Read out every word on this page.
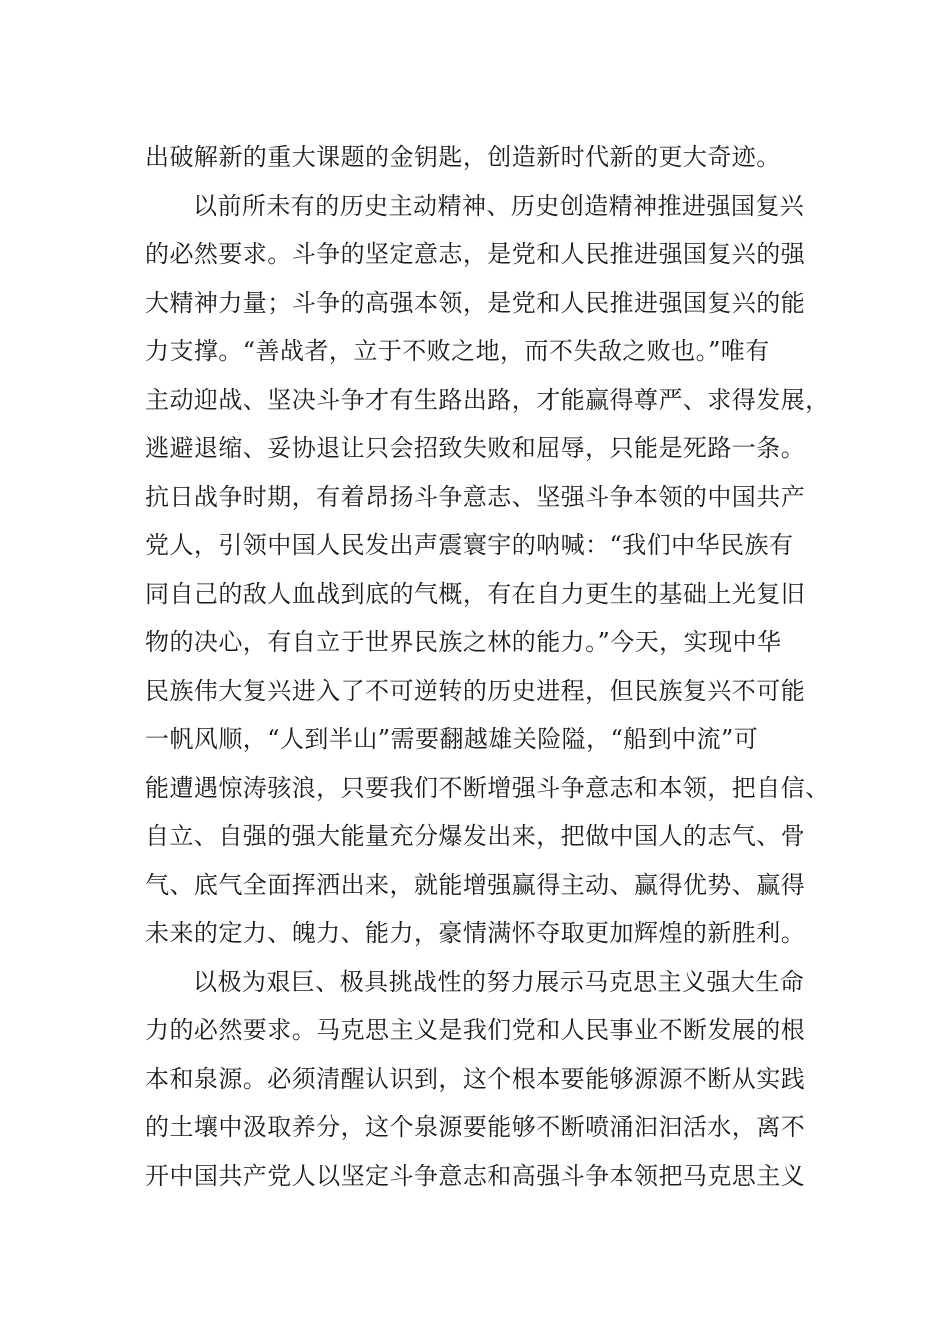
出破解新的重大课题的金钥匙，创造新时代新的更大奇迹。
以前所未有的历史主动精神、历史创造精神推进强国复兴
的必然要求。斗争的坚定意志，是党和人民推进强国复兴的强
大精神力量；斗争的高强本领，是党和人民推进强国复兴的能
力支撑。“善战者，立于不败之地，而不失敌之败也。”唯有
主动迎战、坚决斗争才有生路出路，才能赢得尊严、求得发展，
逃避退缩、妥协退让只会招致失败和屈辱，只能是死路一条。
抗日战争时期，有着昂扬斗争意志、坚强斗争本领的中国共产
党人，引领中国人民发出声震寰宇的呐喊：“我们中华民族有
同自己的敌人血战到底的气概，有在自力更生的基础上光复旧
物的决心，有自立于世界民族之林的能力。”今天，实现中华
民族伟大复兴进入了不可逆转的历史进程，但民族复兴不可能
一帆风顺，“人到半山”需要翻越雄关险隘，“船到中流”可
能遭遇惊涛骇浪，只要我们不断增强斗争意志和本领，把自信、
自立、自强的强大能量充分爆发出来，把做中国人的志气、骨
气、底气全面挥洒出来，就能增强赢得主动、赢得优势、赢得
未来的定力、魄力、能力，豪情满怀夺取更加辉煌的新胜利。
以极为艰巨、极具挑战性的努力展示马克思主义强大生命
力的必然要求。马克思主义是我们党和人民事业不断发展的根
本和泉源。必须清醒认识到，这个根本要能够源源不断从实践
的土壤中汲取养分，这个泉源要能够不断喷涌汩汩活水，离不
开中国共产党人以坚定斗争意志和高强斗争本领把马克思主义
